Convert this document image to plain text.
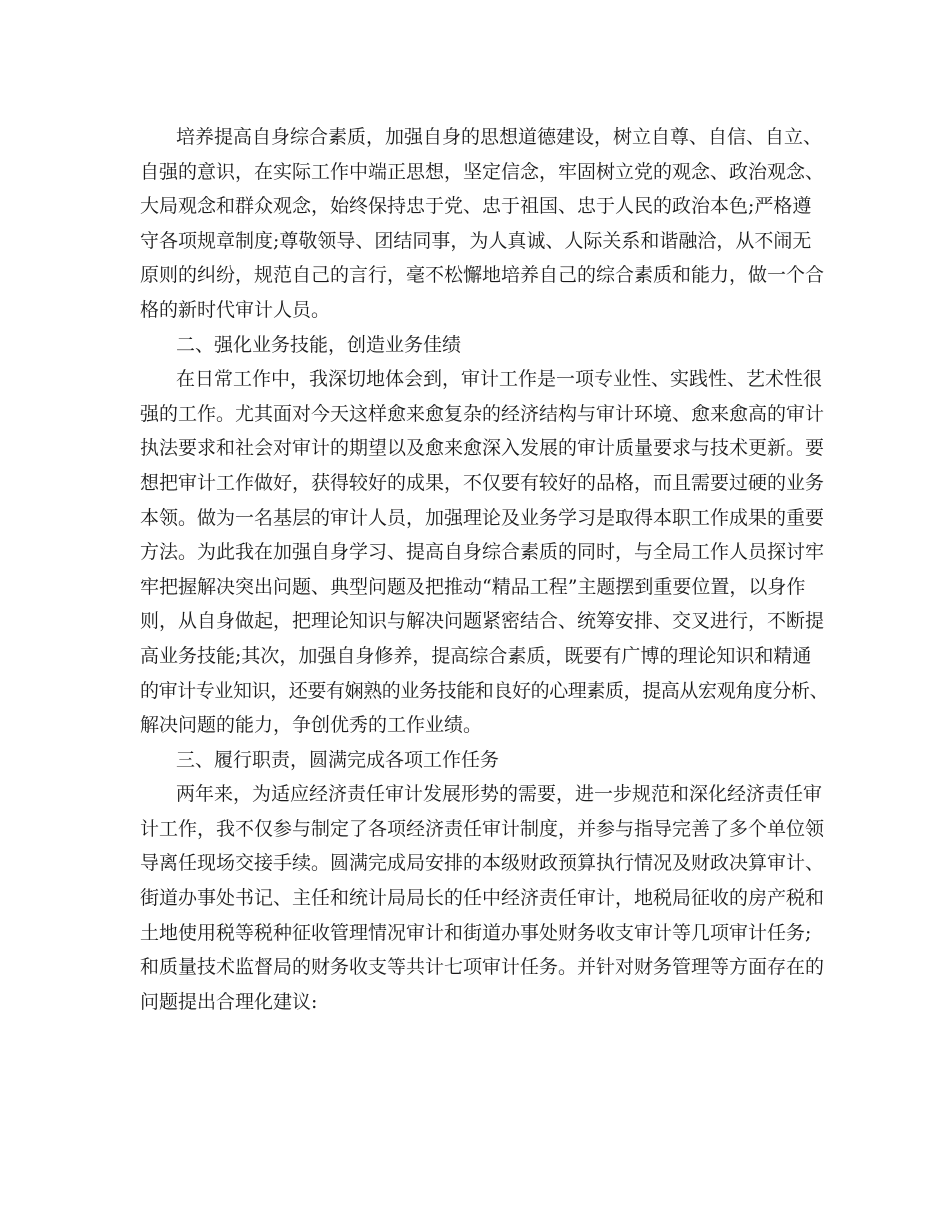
培养提高自身综合素质，加强自身的思想道德建设，树立自尊、自信、自立、
自强的意识，在实际工作中端正思想，坚定信念，牢固树立党的观念、政治观念、
大局观念和群众观念，始终保持忠于党、忠于祖国、忠于人民的政治本色;严格遵
守各项规章制度;尊敬领导、团结同事，为人真诚、人际关系和谐融洽，从不闹无
原则的纠纷，规范自己的言行，毫不松懈地培养自己的综合素质和能力，做一个合
格的新时代审计人员。
二、强化业务技能，创造业务佳绩
在日常工作中，我深切地体会到，审计工作是一项专业性、实践性、艺术性很
强的工作。尤其面对今天这样愈来愈复杂的经济结构与审计环境、愈来愈高的审计
执法要求和社会对审计的期望以及愈来愈深入发展的审计质量要求与技术更新。要
想把审计工作做好，获得较好的成果，不仅要有较好的品格，而且需要过硬的业务
本领。做为一名基层的审计人员，加强理论及业务学习是取得本职工作成果的重要
方法。为此我在加强自身学习、提高自身综合素质的同时，与全局工作人员探讨牢
牢把握解决突出问题、典型问题及把推动“精品工程”主题摆到重要位置，以身作
则，从自身做起，把理论知识与解决问题紧密结合、统筹安排、交叉进行，不断提
高业务技能;其次，加强自身修养，提高综合素质，既要有广博的理论知识和精通
的审计专业知识，还要有娴熟的业务技能和良好的心理素质，提高从宏观角度分析、
解决问题的能力，争创优秀的工作业绩。
三、履行职责，圆满完成各项工作任务
两年来，为适应经济责任审计发展形势的需要，进一步规范和深化经济责任审
计工作，我不仅参与制定了各项经济责任审计制度，并参与指导完善了多个单位领
导离任现场交接手续。圆满完成局安排的本级财政预算执行情况及财政决算审计、
街道办事处书记、主任和统计局局长的任中经济责任审计，地税局征收的房产税和
土地使用税等税种征收管理情况审计和街道办事处财务收支审计等几项审计任务;
和质量技术监督局的财务收支等共计七项审计任务。并针对财务管理等方面存在的
问题提出合理化建议:
